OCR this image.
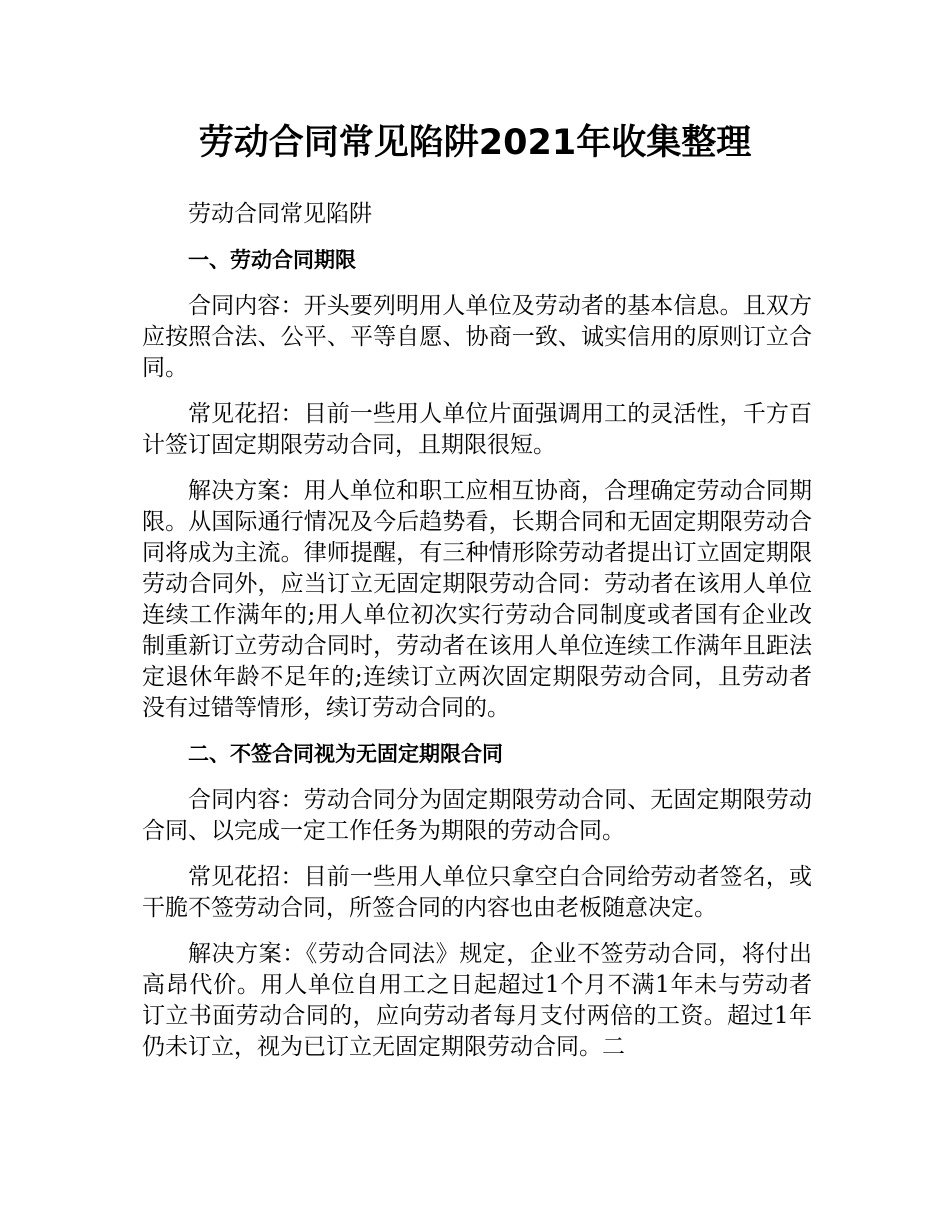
劳动合同常见陷阱2021年收集整理

劳动合同常见陷阱

一、劳动合同期限

合同内容：开头要列明用人单位及劳动者的基本信息。且双方应按照合法、公平、平等自愿、协商一致、诚实信用的原则订立合同。

常见花招：目前一些用人单位片面强调用工的灵活性，千方百计签订固定期限劳动合同，且期限很短。

解决方案：用人单位和职工应相互协商，合理确定劳动合同期限。从国际通行情况及今后趋势看，长期合同和无固定期限劳动合同将成为主流。律师提醒，有三种情形除劳动者提出订立固定期限劳动合同外，应当订立无固定期限劳动合同：劳动者在该用人单位连续工作满年的;用人单位初次实行劳动合同制度或者国有企业改制重新订立劳动合同时，劳动者在该用人单位连续工作满年且距法定退休年龄不足年的;连续订立两次固定期限劳动合同，且劳动者没有过错等情形，续订劳动合同的。

二、不签合同视为无固定期限合同

合同内容：劳动合同分为固定期限劳动合同、无固定期限劳动合同、以完成一定工作任务为期限的劳动合同。

常见花招：目前一些用人单位只拿空白合同给劳动者签名，或干脆不签劳动合同，所签合同的内容也由老板随意决定。

解决方案：《劳动合同法》规定，企业不签劳动合同，将付出高昂代价。用人单位自用工之日起超过1个月不满1年未与劳动者订立书面劳动合同的，应向劳动者每月支付两倍的工资。超过1年仍未订立，视为已订立无固定期限劳动合同。二
